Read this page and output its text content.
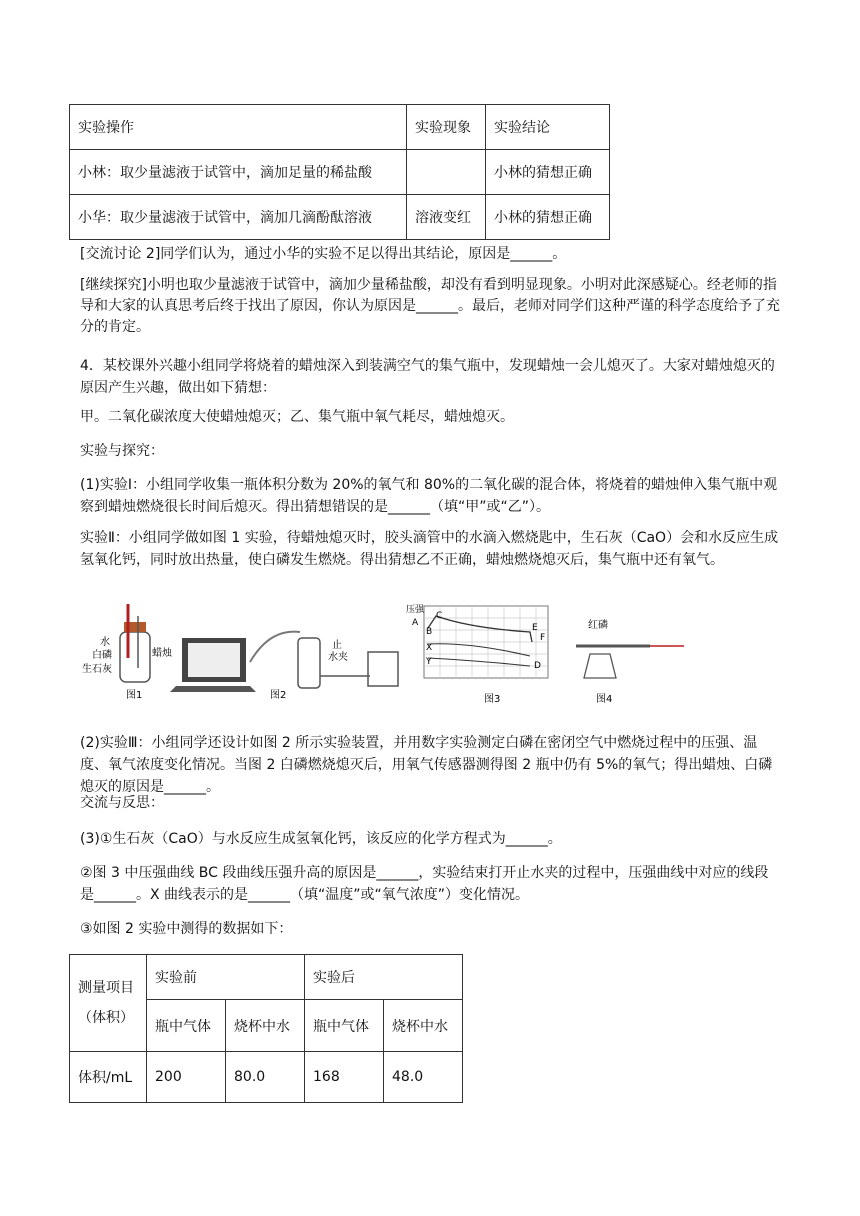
实验操作	实验现象	实验结论
小林：取少量滤液于试管中，滴加足量的稀盐酸		小林的猜想正确
小华：取少量滤液于试管中，滴加几滴酚酞溶液	溶液变红	小林的猜想正确

[交流讨论 2]同学们认为，通过小华的实验不足以得出其结论，原因是______。

[继续探究]小明也取少量滤液于试管中，滴加少量稀盐酸，却没有看到明显现象。小明对此深感疑心。经老师的指导和大家的认真思考后终于找出了原因，你认为原因是______。最后，老师对同学们这种严谨的科学态度给予了充分的肯定。

4．某校课外兴趣小组同学将烧着的蜡烛深入到装满空气的集气瓶中，发现蜡烛一会儿熄灭了。大家对蜡烛熄灭的原因产生兴趣，做出如下猜想：

甲。二氧化碳浓度大使蜡烛熄灭；乙、集气瓶中氧气耗尽，蜡烛熄灭。

实验与探究：

(1)实验Ⅰ：小组同学收集一瓶体积分数为 20%的氧气和 80%的二氧化碳的混合体，将烧着的蜡烛伸入集气瓶中观察到蜡烛燃烧很长时间后熄灭。得出猜想错误的是______（填“甲”或“乙”）。

实验Ⅱ：小组同学做如图 1 实验，待蜡烛熄灭时，胶头滴管中的水滴入燃烧匙中，生石灰（CaO）会和水反应生成氢氧化钙，同时放出热量，使白磷发生燃烧。得出猜想乙不正确，蜡烛燃烧熄灭后，集气瓶中还有氧气。

水
白磷	蜡烛
生石灰
图1
止
水夹
图2
压强
A
B
C
X
Y	D
E
F
图3
红磷
图4

(2)实验Ⅲ：小组同学还设计如图 2 所示实验装置，并用数字实验测定白磷在密闭空气中燃烧过程中的压强、温度、氧气浓度变化情况。当图 2 白磷燃烧熄灭后，用氧气传感器测得图 2 瓶中仍有 5%的氧气；得出蜡烛、白磷熄灭的原因是______。

交流与反思：

(3)①生石灰（CaO）与水反应生成氢氧化钙，该反应的化学方程式为______。

②图 3 中压强曲线 BC 段曲线压强升高的原因是______，实验结束打开止水夹的过程中，压强曲线中对应的线段是______。X 曲线表示的是______（填“温度”或“氧气浓度”）变化情况。

③如图 2 实验中测得的数据如下：

测量项目
（体积）	实验前		实验后	
	瓶中气体	烧杯中水	瓶中气体	烧杯中水
体积/mL	200	80.0	168	48.0
